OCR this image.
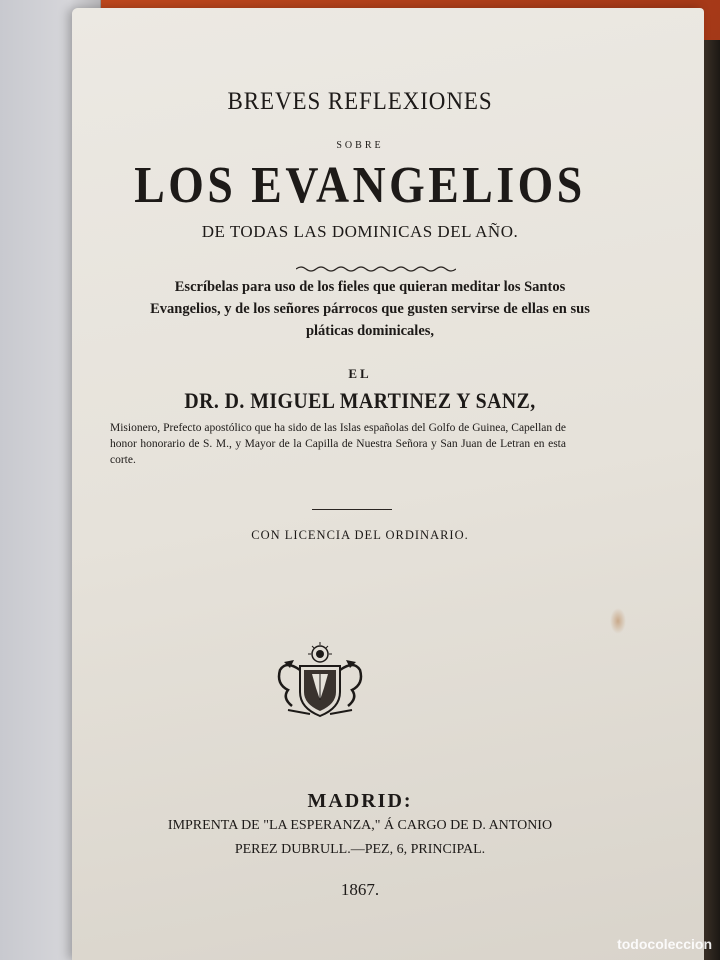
BREVES REFLEXIONES
SOBRE
LOS EVANGELIOS
DE TODAS LAS DOMINICAS DEL AÑO.
Escríbelas para uso de los fieles que quieran meditar los Santos Evangelios, y de los señores párrocos que gusten servirse de ellas en sus pláticas dominicales,
EL
DR. D. MIGUEL MARTINEZ Y SANZ,
Misionero, Prefecto apostólico que ha sido de las Islas españolas del Golfo de Guinea, Capellan de honor honorario de S. M., y Mayor de la Capilla de Nuestra Señora y San Juan de Letran en esta corte.
CON LICENCIA DEL ORDINARIO.
MADRID:
IMPRENTA DE "LA ESPERANZA," Á CARGO DE D. ANTONIO
PEREZ DUBRULL.—PEZ, 6, PRINCIPAL.
1867.
todocoleccion
